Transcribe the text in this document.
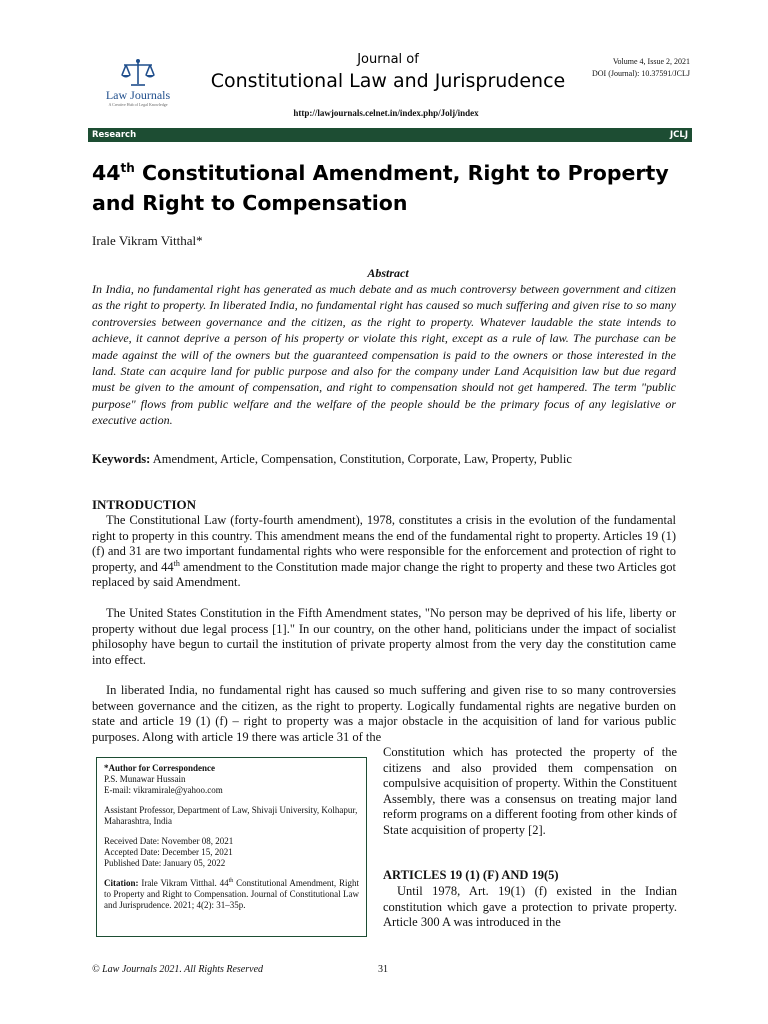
Law Journals
A Creative Hub of Legal Knowledge
Journal of
Constitutional Law and Jurisprudence
http://lawjournals.celnet.in/index.php/Jolj/index
Volume 4, Issue 2, 2021
DOI (Journal): 10.37591/JCLJ
Research	JCLJ
44th Constitutional Amendment, Right to Property and Right to Compensation
Irale Vikram Vitthal*
Abstract
In India, no fundamental right has generated as much debate and as much controversy between government and citizen as the right to property. In liberated India, no fundamental right has caused so much suffering and given rise to so many controversies between governance and the citizen, as the right to property. Whatever laudable the state intends to achieve, it cannot deprive a person of his property or violate this right, except as a rule of law. The purchase can be made against the will of the owners but the guaranteed compensation is paid to the owners or those interested in the land. State can acquire land for public purpose and also for the company under Land Acquisition law but due regard must be given to the amount of compensation, and right to compensation should not get hampered. The term "public purpose" flows from public welfare and the welfare of the people should be the primary focus of any legislative or executive action.
Keywords: Amendment, Article, Compensation, Constitution, Corporate, Law, Property, Public
INTRODUCTION

The Constitutional Law (forty-fourth amendment), 1978, constitutes a crisis in the evolution of the fundamental right to property in this country. This amendment means the end of the fundamental right to property. Articles 19 (1) (f) and 31 are two important fundamental rights who were responsible for the enforcement and protection of right to property, and 44th amendment to the Constitution made major change the right to property and these two Articles got replaced by said Amendment.

The United States Constitution in the Fifth Amendment states, "No person may be deprived of his life, liberty or property without due legal process [1]." In our country, on the other hand, politicians under the impact of socialist philosophy have begun to curtail the institution of private property almost from the very day the constitution came into effect.

In liberated India, no fundamental right has caused so much suffering and given rise to so many controversies between governance and the citizen, as the right to property. Logically fundamental rights are negative burden on state and article 19 (1) (f) – right to property was a major obstacle in the acquisition of land for various public purposes. Along with article 19 there was article 31 of the

Constitution which has protected the property of the citizens and also provided them compensation on compulsive acquisition of property. Within the Constituent Assembly, there was a consensus on treating major land reform programs on a different footing from other kinds of State acquisition of property [2].
ARTICLES 19 (1) (F) AND 19(5)
Until 1978, Art. 19(1) (f) existed in the Indian constitution which gave a protection to private property. Article 300 A was introduced in the
*Author for Correspondence
P.S. Munawar Hussain
E-mail: vikramirale@yahoo.com
Assistant Professor, Department of Law, Shivaji University, Kolhapur, Maharashtra, India
Received Date: November 08, 2021
Accepted Date: December 15, 2021
Published Date: January 05, 2022
Citation: Irale Vikram Vitthal. 44th Constitutional Amendment, Right to Property and Right to Compensation. Journal of Constitutional Law and Jurisprudence. 2021; 4(2): 31–35p.
© Law Journals 2021. All Rights Reserved	31
